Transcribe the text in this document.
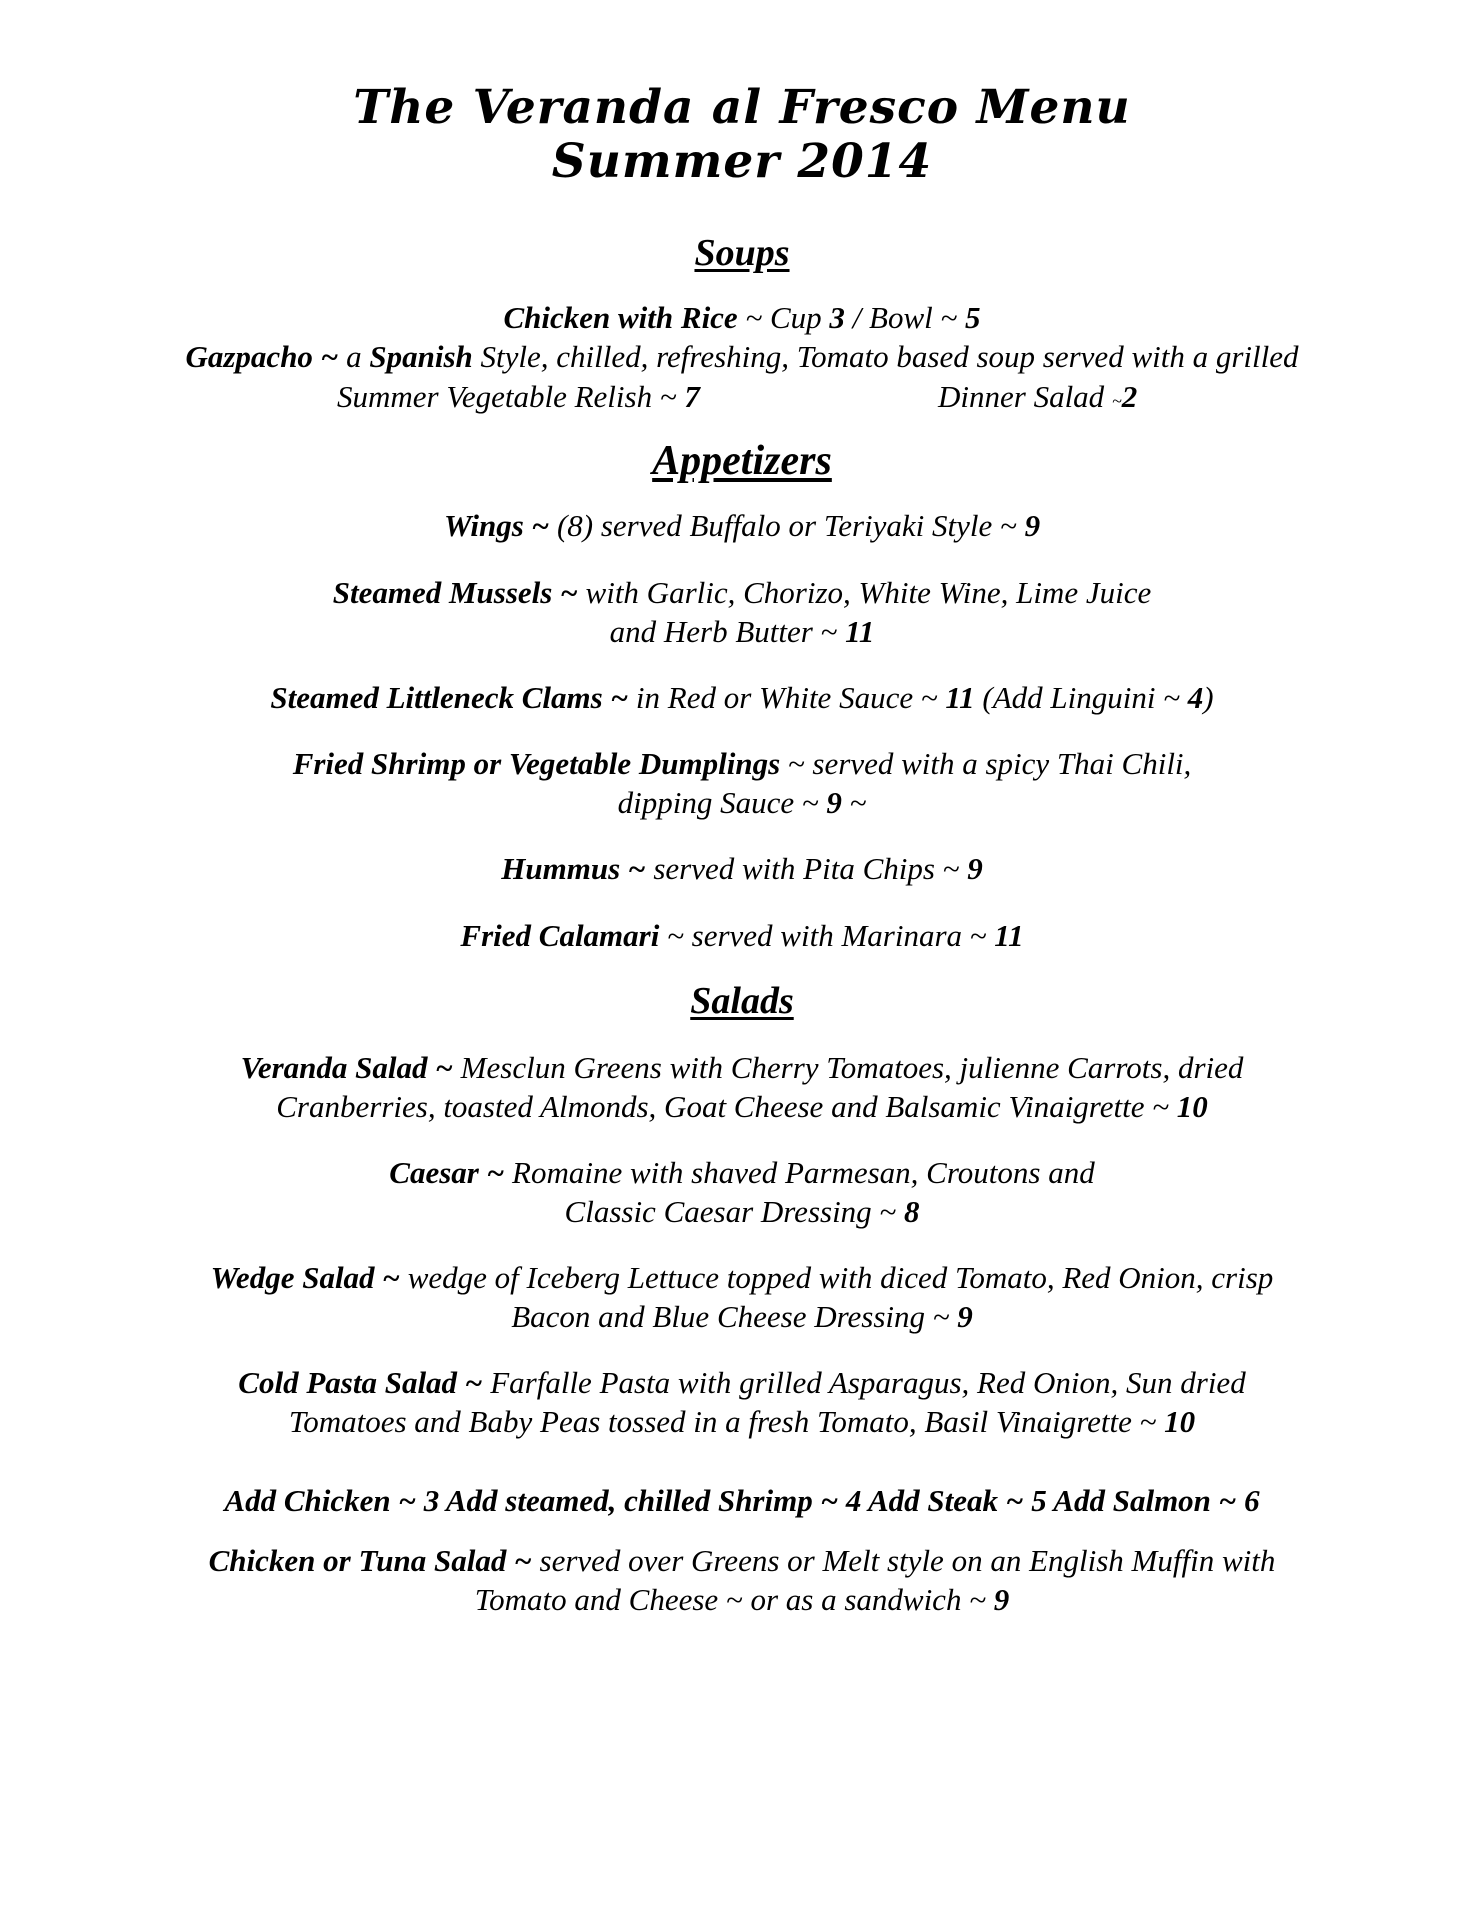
The Veranda al Fresco Menu
Summer 2014
Soups
Chicken with Rice ~ Cup 3 / Bowl ~ 5
Gazpacho ~ a Spanish Style, chilled, refreshing, Tomato based soup served with a grilled
Summer Vegetable Relish ~ 7	Dinner Salad ~2
Appetizers
Wings ~ (8) served Buffalo or Teriyaki Style ~ 9
Steamed Mussels ~ with Garlic, Chorizo, White Wine, Lime Juice
and Herb Butter ~ 11
Steamed Littleneck Clams ~ in Red or White Sauce ~ 11 (Add Linguini ~ 4)
Fried Shrimp or Vegetable Dumplings ~ served with a spicy Thai Chili,
dipping Sauce ~ 9 ~
Hummus ~ served with Pita Chips ~ 9
Fried Calamari ~ served with Marinara ~ 11
Salads
Veranda Salad ~ Mesclun Greens with Cherry Tomatoes, julienne Carrots, dried
Cranberries, toasted Almonds, Goat Cheese and Balsamic Vinaigrette ~ 10
Caesar ~ Romaine with shaved Parmesan, Croutons and
Classic Caesar Dressing ~ 8
Wedge Salad ~ wedge of Iceberg Lettuce topped with diced Tomato, Red Onion, crisp
Bacon and Blue Cheese Dressing ~ 9
Cold Pasta Salad ~ Farfalle Pasta with grilled Asparagus, Red Onion, Sun dried
Tomatoes and Baby Peas tossed in a fresh Tomato, Basil Vinaigrette ~ 10
Add Chicken ~ 3 Add steamed, chilled Shrimp ~ 4 Add Steak ~ 5 Add Salmon ~ 6
Chicken or Tuna Salad ~ served over Greens or Melt style on an English Muffin with
Tomato and Cheese ~ or as a sandwich ~ 9
